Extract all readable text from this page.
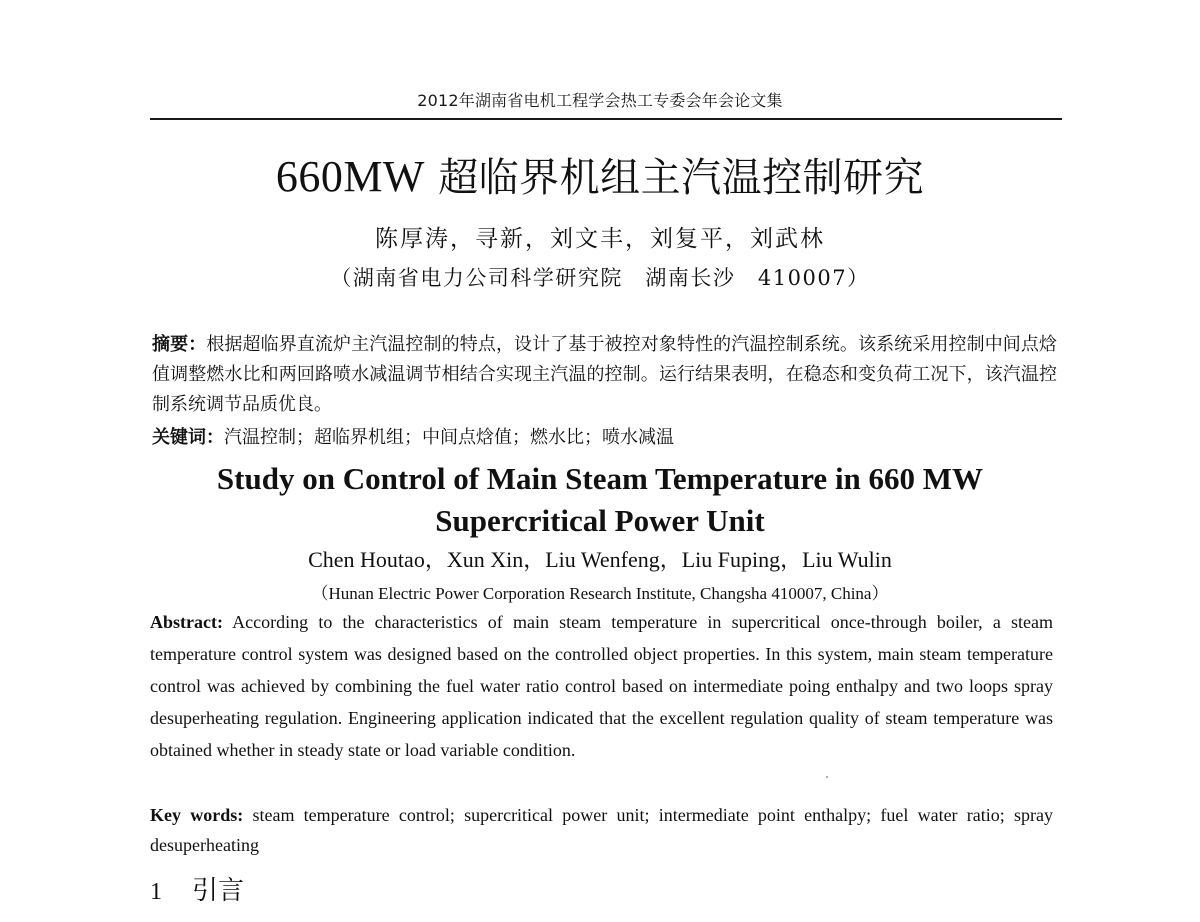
2012年湖南省电机工程学会热工专委会年会论文集
660MW 超临界机组主汽温控制研究
陈厚涛，寻新，刘文丰，刘复平，刘武林
（湖南省电力公司科学研究院　湖南长沙　410007）
摘要：根据超临界直流炉主汽温控制的特点，设计了基于被控对象特性的汽温控制系统。该系统采用控制中间点焓值调整燃水比和两回路喷水减温调节相结合实现主汽温的控制。运行结果表明，在稳态和变负荷工况下，该汽温控制系统调节品质优良。
关键词：汽温控制；超临界机组；中间点焓值；燃水比；喷水减温
Study on Control of Main Steam Temperature in 660 MW
Supercritical Power Unit
Chen Houtao，Xun Xin，Liu Wenfeng，Liu Fuping，Liu Wulin
（Hunan Electric Power Corporation Research Institute, Changsha 410007, China）
Abstract: According to the characteristics of main steam temperature in supercritical once-through boiler, a steam temperature control system was designed based on the controlled object properties. In this system, main steam temperature control was achieved by combining the fuel water ratio control based on intermediate poing enthalpy and two loops spray desuperheating regulation. Engineering application indicated that the excellent regulation quality of steam temperature was obtained whether in steady state or load variable condition.
Key words: steam temperature control; supercritical power unit; intermediate point enthalpy; fuel water ratio; spray desuperheating
1 引言
